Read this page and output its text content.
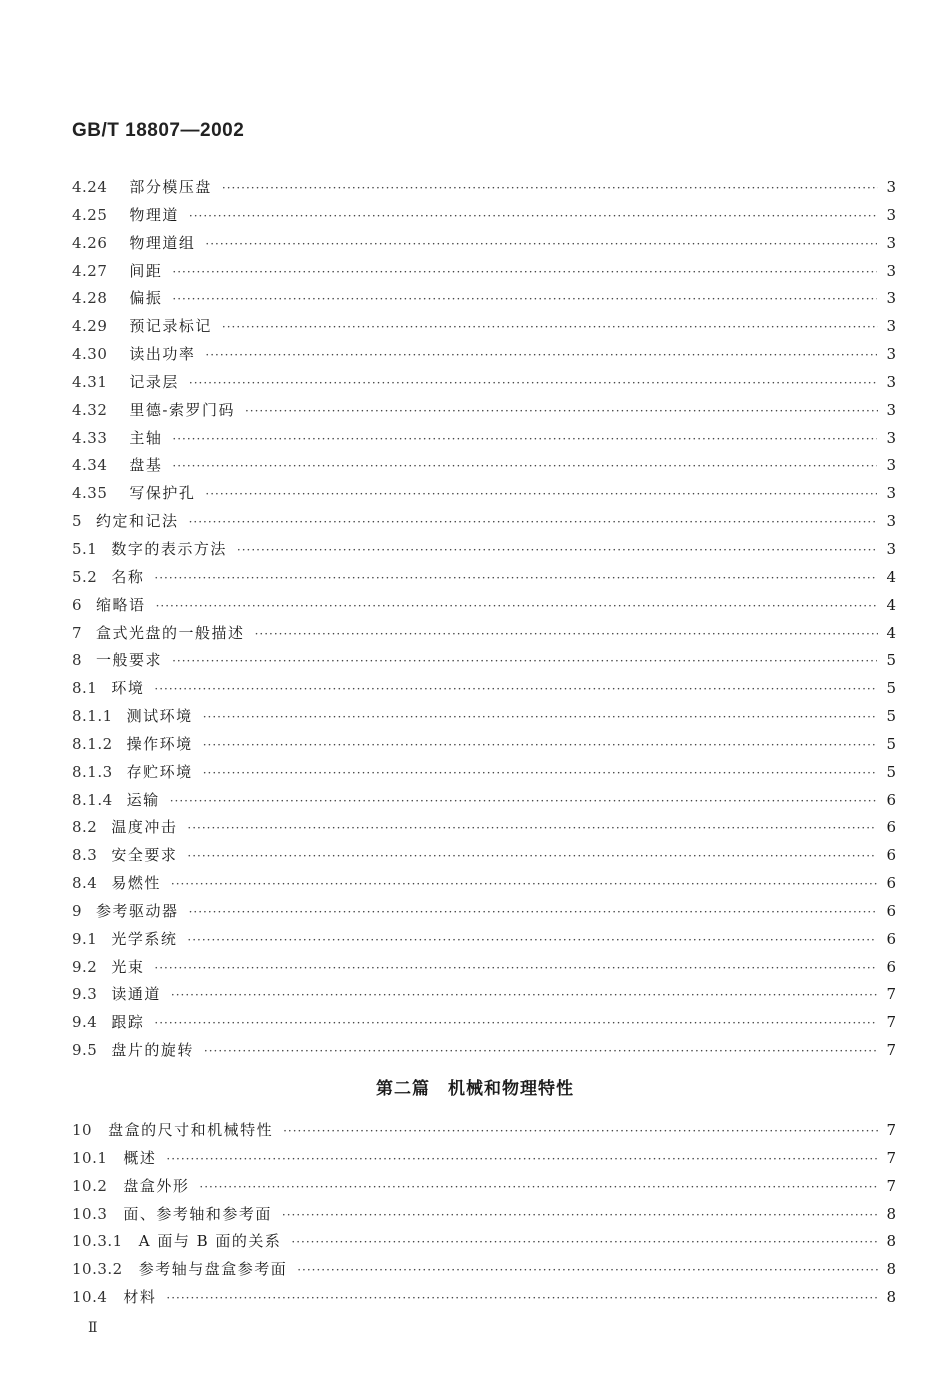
GB/T 18807—2002
4.24 部分模压盘 ·····	3
4.25 物理道 ·····	3
4.26 物理道组 ·····	3
4.27 间距 ·····	3
4.28 偏振 ·····	3
4.29 预记录标记 ·····	3
4.30 读出功率 ·····	3
4.31 记录层 ·····	3
4.32 里德-索罗门码 ·····	3
4.33 主轴 ·····	3
4.34 盘基 ·····	3
4.35 写保护孔 ·····	3
5 约定和记法 ·····	3
5.1 数字的表示方法 ·····	3
5.2 名称 ·····	4
6 缩略语 ·····	4
7 盒式光盘的一般描述 ·····	4
8 一般要求 ·····	5
8.1 环境 ·····	5
8.1.1 测试环境 ·····	5
8.1.2 操作环境 ·····	5
8.1.3 存贮环境 ·····	5
8.1.4 运输 ·····	6
8.2 温度冲击 ·····	6
8.3 安全要求 ·····	6
8.4 易燃性 ·····	6
9 参考驱动器 ·····	6
9.1 光学系统 ·····	6
9.2 光束 ·····	6
9.3 读通道 ·····	7
9.4 跟踪 ·····	7
9.5 盘片的旋转 ·····	7
第二篇　机械和物理特性
10 盘盒的尺寸和机械特性 ·····	7
10.1 概述 ·····	7
10.2 盘盒外形 ·····	7
10.3 面、参考轴和参考面 ·····	8
10.3.1 A 面与 B 面的关系 ·····	8
10.3.2 参考轴与盘盒参考面 ·····	8
10.4 材料 ·····	8
Ⅱ
